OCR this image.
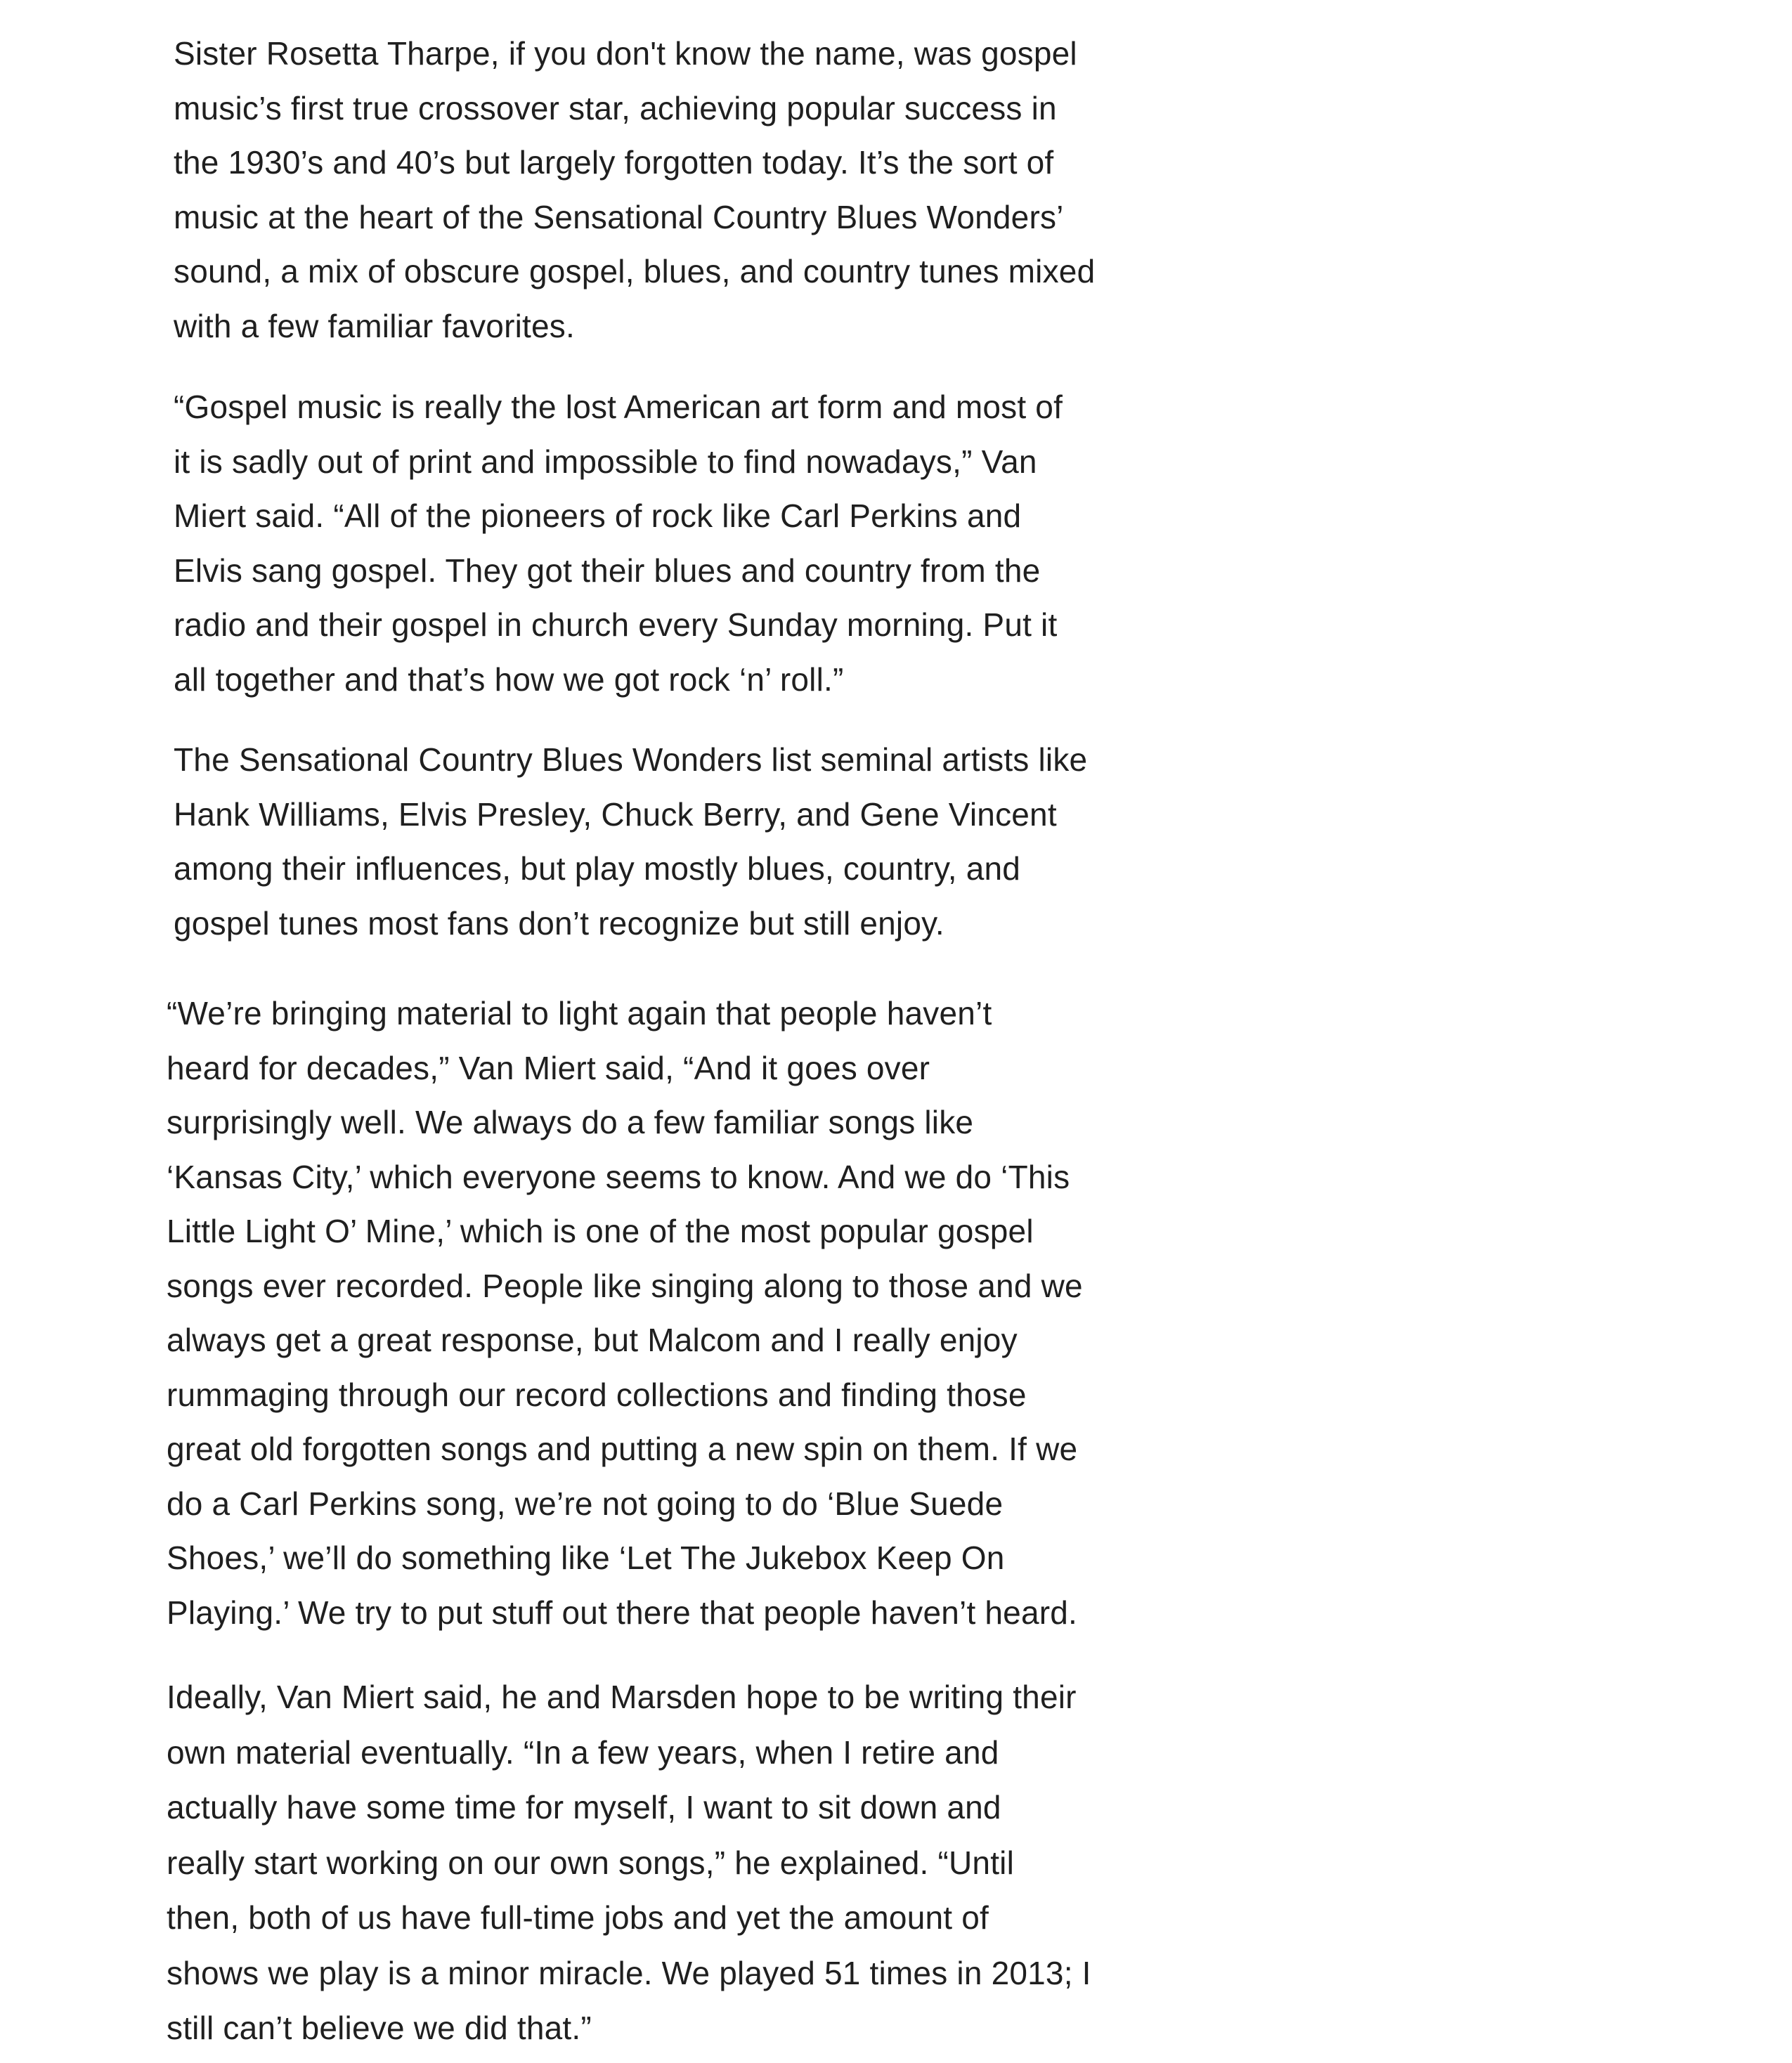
Sister Rosetta Tharpe, if you don't know the name, was gospel
music’s first true crossover star, achieving popular success in
the 1930’s and 40’s but largely forgotten today. It’s the sort of
music at the heart of the Sensational Country Blues Wonders’
sound, a mix of obscure gospel, blues, and country tunes mixed
with a few familiar favorites.

“Gospel music is really the lost American art form and most of
it is sadly out of print and impossible to find nowadays,” Van
Miert said. “All of the pioneers of rock like Carl Perkins and
Elvis sang gospel. They got their blues and country from the
radio and their gospel in church every Sunday morning. Put it
all together and that’s how we got rock ‘n’ roll.”

The Sensational Country Blues Wonders list seminal artists like
Hank Williams, Elvis Presley, Chuck Berry, and Gene Vincent
among their influences, but play mostly blues, country, and
gospel tunes most fans don’t recognize but still enjoy.

“We’re bringing material to light again that people haven’t
heard for decades,” Van Miert said, “And it goes over
surprisingly well. We always do a few familiar songs like
‘Kansas City,’ which everyone seems to know. And we do ‘This
Little Light O’ Mine,’ which is one of the most popular gospel
songs ever recorded. People like singing along to those and we
always get a great response, but Malcom and I really enjoy
rummaging through our record collections and finding those
great old forgotten songs and putting a new spin on them. If we
do a Carl Perkins song, we’re not going to do ‘Blue Suede
Shoes,’ we’ll do something like ‘Let The Jukebox Keep On
Playing.’ We try to put stuff out there that people haven’t heard.

Ideally, Van Miert said, he and Marsden hope to be writing their
own material eventually. “In a few years, when I retire and
actually have some time for myself, I want to sit down and
really start working on our own songs,” he explained. “Until
then, both of us have full-time jobs and yet the amount of
shows we play is a minor miracle. We played 51 times in 2013; I
still can’t believe we did that.”
